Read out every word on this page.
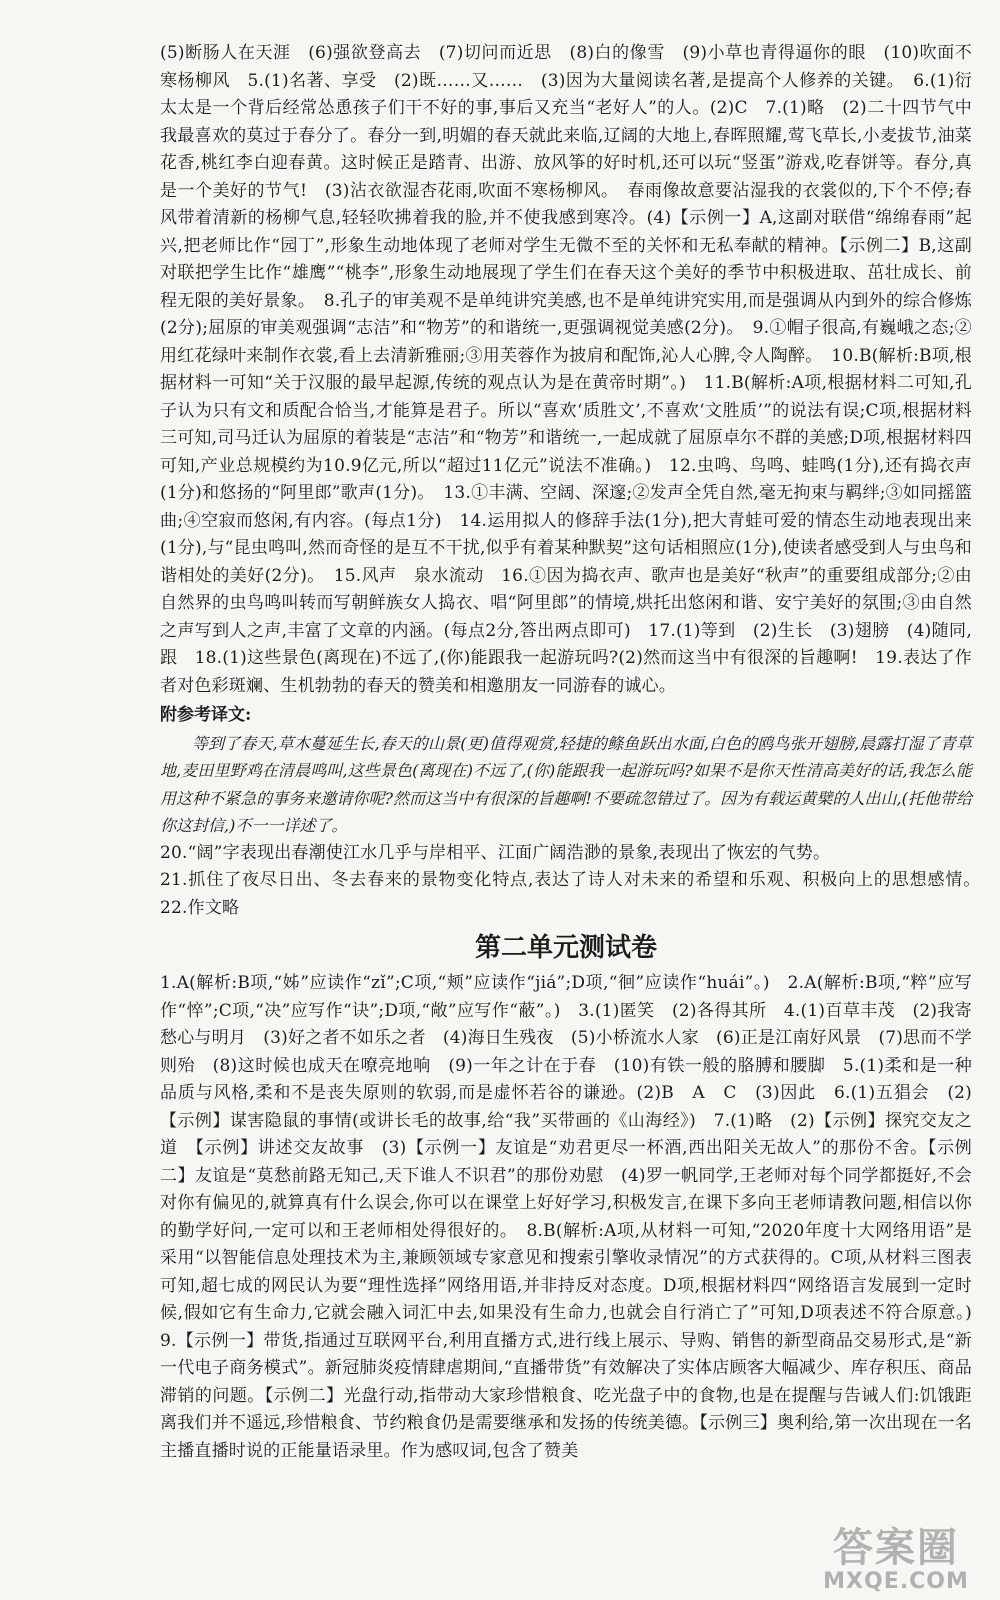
(5)断肠人在天涯　(6)强欲登高去　(7)切问而近思　(8)白的像雪　(9)小草也青得逼你的眼　(10)吹面不寒杨柳风　5.(1)名著、享受　(2)既……又……　(3)因为大量阅读名著,是提高个人修养的关键。　6.(1)衍太太是一个背后经常怂恿孩子们干不好的事,事后又充当“老好人”的人。(2)C　7.(1)略　(2)二十四节气中我最喜欢的莫过于春分了。春分一到,明媚的春天就此来临,辽阔的大地上,春晖照耀,莺飞草长,小麦拔节,油菜花香,桃红李白迎春黄。这时候正是踏青、出游、放风筝的好时机,还可以玩“竖蛋”游戏,吃春饼等。春分,真是一个美好的节气!　(3)沾衣欲湿杏花雨,吹面不寒杨柳风。　春雨像故意要沾湿我的衣裳似的,下个不停;春风带着清新的杨柳气息,轻轻吹拂着我的脸,并不使我感到寒冷。(4)【示例一】A,这副对联借“绵绵春雨”起兴,把老师比作“园丁”,形象生动地体现了老师对学生无微不至的关怀和无私奉献的精神。【示例二】B,这副对联把学生比作“雄鹰”“桃李”,形象生动地展现了学生们在春天这个美好的季节中积极进取、茁壮成长、前程无限的美好景象。　8.孔子的审美观不是单纯讲究美感,也不是单纯讲究实用,而是强调从内到外的综合修炼(2分);屈原的审美观强调“志洁”和“物芳”的和谐统一,更强调视觉美感(2分)。　9.①帽子很高,有巍峨之态;②用红花绿叶来制作衣裳,看上去清新雅丽;③用芙蓉作为披肩和配饰,沁人心脾,令人陶醉。　10.B(解析:B项,根据材料一可知“关于汉服的最早起源,传统的观点认为是在黄帝时期”。)　11.B(解析:A项,根据材料二可知,孔子认为只有文和质配合恰当,才能算是君子。所以“喜欢‘质胜文’,不喜欢‘文胜质’”的说法有误;C项,根据材料三可知,司马迁认为屈原的着装是“志洁”和“物芳”和谐统一,一起成就了屈原卓尔不群的美感;D项,根据材料四可知,产业总规模约为10.9亿元,所以“超过11亿元”说法不准确。)　12.虫鸣、鸟鸣、蛙鸣(1分),还有捣衣声(1分)和悠扬的“阿里郎”歌声(1分)。　13.①丰满、空阔、深邃;②发声全凭自然,毫无拘束与羁绊;③如同摇篮曲;④空寂而悠闲,有内容。(每点1分)　14.运用拟人的修辞手法(1分),把大青蛙可爱的情态生动地表现出来(1分),与“昆虫鸣叫,然而奇怪的是互不干扰,似乎有着某种默契”这句话相照应(1分),使读者感受到人与虫鸟和谐相处的美好(2分)。　15.风声　泉水流动　16.①因为捣衣声、歌声也是美好“秋声”的重要组成部分;②由自然界的虫鸟鸣叫转而写朝鲜族女人捣衣、唱“阿里郎”的情境,烘托出悠闲和谐、安宁美好的氛围;③由自然之声写到人之声,丰富了文章的内涵。(每点2分,答出两点即可)　17.(1)等到　(2)生长　(3)翅膀　(4)随同,跟　18.(1)这些景色(离现在)不远了,(你)能跟我一起游玩吗?(2)然而这当中有很深的旨趣啊!　19.表达了作者对色彩斑斓、生机勃勃的春天的赞美和相邀朋友一同游春的诚心。

附参考译文:

等到了春天,草木蔓延生长,春天的山景(更)值得观赏,轻捷的鲦鱼跃出水面,白色的鸥鸟张开翅膀,晨露打湿了青草地,麦田里野鸡在清晨鸣叫,这些景色(离现在)不远了,(你)能跟我一起游玩吗?如果不是你天性清高美好的话,我怎么能用这种不紧急的事务来邀请你呢?然而这当中有很深的旨趣啊!不要疏忽错过了。因为有载运黄檗的人出山,(托他带给你这封信,)不一一详述了。

20.“阔”字表现出春潮使江水几乎与岸相平、江面广阔浩渺的景象,表现出了恢宏的气势。

21.抓住了夜尽日出、冬去春来的景物变化特点,表达了诗人对未来的希望和乐观、积极向上的思想感情。　22.作文略

第二单元测试卷

1.A(解析:B项,“姊”应读作“zǐ”;C项,“颊”应读作“jiá”;D项,“徊”应读作“huái”。)　2.A(解析:B项,“粹”应写作“悴”;C项,“决”应写作“诀”;D项,“敞”应写作“蔽”。)　3.(1)匿笑　(2)各得其所　4.(1)百草丰茂　(2)我寄愁心与明月　(3)好之者不如乐之者　(4)海日生残夜　(5)小桥流水人家　(6)正是江南好风景　(7)思而不学则殆　(8)这时候也成天在嘹亮地响　(9)一年之计在于春　(10)有铁一般的胳膊和腰脚　5.(1)柔和是一种品质与风格,柔和不是丧失原则的软弱,而是虚怀若谷的谦逊。(2)B　A　C　(3)因此　6.(1)五猖会　(2)【示例】谋害隐鼠的事情(或讲长毛的故事,给“我”买带画的《山海经》)　7.(1)略　(2)【示例】探究交友之道　【示例】讲述交友故事　(3)【示例一】友谊是“劝君更尽一杯酒,西出阳关无故人”的那份不舍。【示例二】友谊是“莫愁前路无知己,天下谁人不识君”的那份劝慰　(4)罗一帆同学,王老师对每个同学都挺好,不会对你有偏见的,就算真有什么误会,你可以在课堂上好好学习,积极发言,在课下多向王老师请教问题,相信以你的勤学好问,一定可以和王老师相处得很好的。　8.B(解析:A项,从材料一可知,“2020年度十大网络用语”是采用“以智能信息处理技术为主,兼顾领域专家意见和搜索引擎收录情况”的方式获得的。C项,从材料三图表可知,超七成的网民认为要“理性选择”网络用语,并非持反对态度。D项,根据材料四“网络语言发展到一定时候,假如它有生命力,它就会融入词汇中去,如果没有生命力,也就会自行消亡了”可知,D项表述不符合原意。)　9.【示例一】带货,指通过互联网平台,利用直播方式,进行线上展示、导购、销售的新型商品交易形式,是“新一代电子商务模式”。新冠肺炎疫情肆虐期间,“直播带货”有效解决了实体店顾客大幅减少、库存积压、商品滞销的问题。【示例二】光盘行动,指带动大家珍惜粮食、吃光盘子中的食物,也是在提醒与告诫人们:饥饿距离我们并不遥远,珍惜粮食、节约粮食仍是需要继承和发扬的传统美德。【示例三】奥利给,第一次出现在一名主播直播时说的正能量语录里。作为感叹词,包含了赞美

答案圈
MXQE.COM
